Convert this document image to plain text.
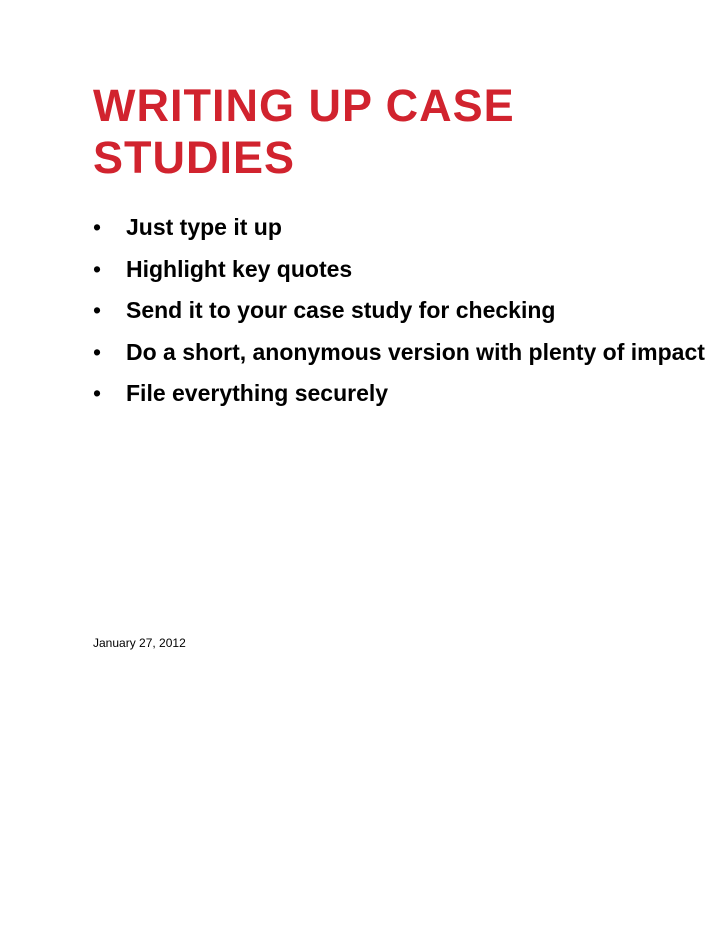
WRITING UP CASE STUDIES
• Just type it up
• Highlight key quotes
• Send it to your case study for checking
• Do a short, anonymous version with plenty of impact
• File everything securely
January 27, 2012
